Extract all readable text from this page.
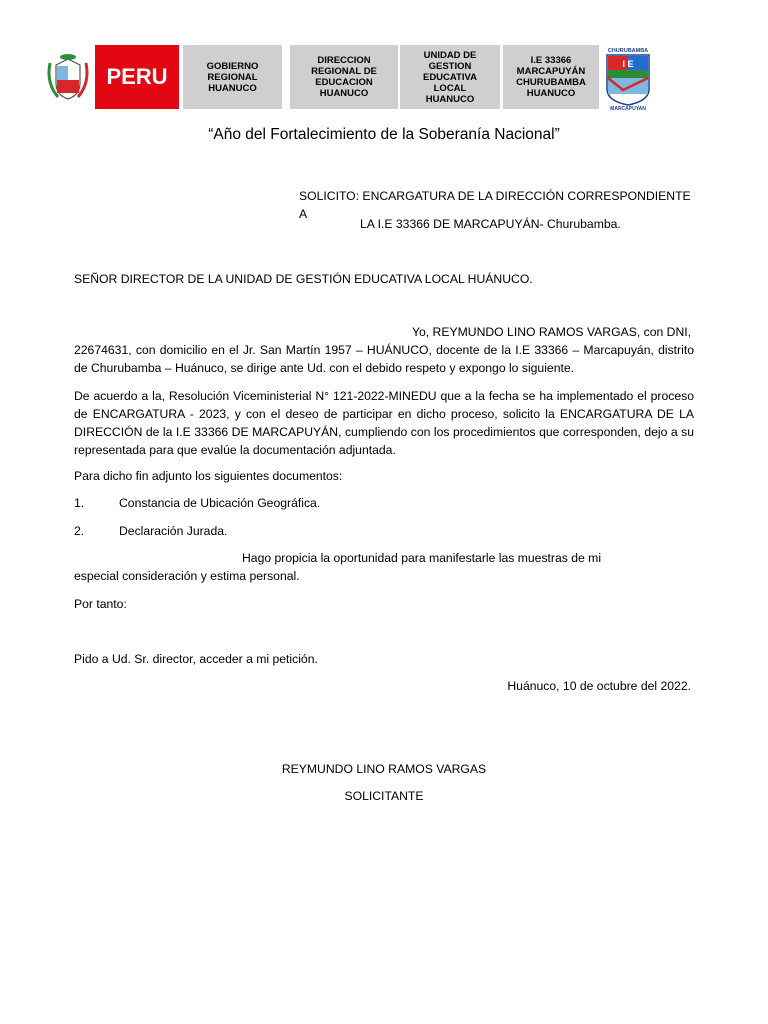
PERU	GOBIERNO
REGIONAL
HUANUCO
DIRECCION
REGIONAL DE
EDUCACION
HUANUCO
UNIDAD DE
GESTION
EDUCATIVA
LOCAL
HUANUCO
I.E 33366
MARCAPUYÁN
CHURUBAMBA
HUANUCO
CHURUBAMBA
I E
MARCAPUYAN
“Año del Fortalecimiento de la Soberanía Nacional”
SOLICITO: ENCARGATURA DE LA DIRECCIÓN CORRESPONDIENTE A
LA I.E 33366 DE MARCAPUYÁN- Churubamba.
SEÑOR DIRECTOR DE LA UNIDAD DE GESTIÓN EDUCATIVA LOCAL HUÁNUCO.
Yo, REYMUNDO LINO RAMOS VARGAS, con DNI,
22674631, con domicilio en el Jr. San Martín 1957 – HUÁNUCO, docente de la I.E 33366 – Marcapuyán, distrito de Churubamba – Huánuco, se dirige ante Ud. con el debido respeto y expongo lo siguiente.
De acuerdo a la, Resolución Viceministerial N° 121-2022-MINEDU que a la fecha se ha implementado el proceso de ENCARGATURA - 2023, y con el deseo de participar en dicho proceso, solicito la ENCARGATURA DE LA DIRECCIÓN de la I.E 33366 DE MARCAPUYÁN, cumpliendo con los procedimientos que corresponden, dejo a su representada para que evalúe la documentación adjuntada.
Para dicho fin adjunto los siguientes documentos:
1.	Constancia de Ubicación Geográfica.
2.	Declaración Jurada.
Hago propicia la oportunidad para manifestarle las muestras de mi
especial consideración y estima personal.
Por tanto:
Pido a Ud. Sr. director, acceder a mi petición.
Huánuco, 10 de octubre del 2022.
REYMUNDO LINO RAMOS VARGAS
SOLICITANTE
